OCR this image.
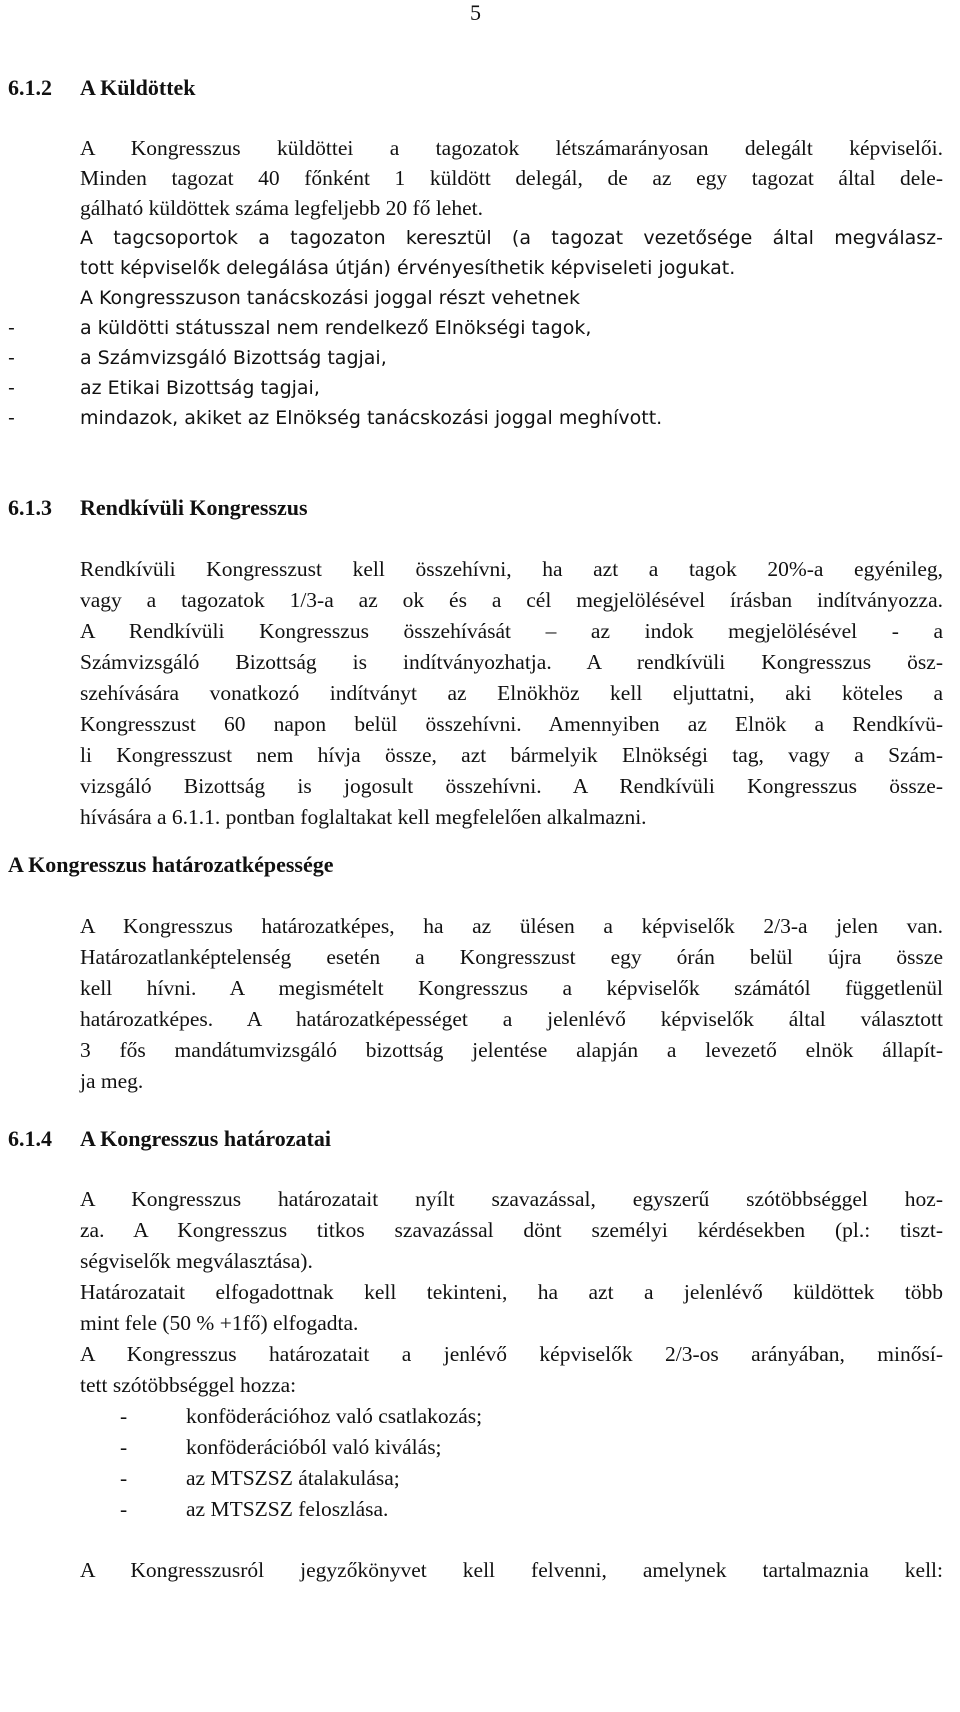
5
6.1.2 A Küldöttek
A Kongresszus küldöttei a tagozatok létszámarányosan delegált képviselői.
Minden tagozat 40 főnként 1 küldött delegál, de az egy tagozat által dele-
gálható küldöttek száma legfeljebb 20 fő lehet.
A tagcsoportok a tagozaton keresztül (a tagozat vezetősége által megválasz-
tott képviselők delegálása útján) érvényesíthetik képviseleti jogukat.
A Kongresszuson tanácskozási joggal részt vehetnek
-	a küldötti státusszal nem rendelkező Elnökségi tagok,
-	a Számvizsgáló Bizottság tagjai,
-	az Etikai Bizottság tagjai,
-	mindazok, akiket az Elnökség tanácskozási joggal meghívott.
6.1.3 Rendkívüli Kongresszus
Rendkívüli Kongresszust kell összehívni, ha azt a tagok 20%-a egyénileg,
vagy a tagozatok 1/3-a az ok és a cél megjelölésével írásban indítványozza.
A Rendkívüli Kongresszus összehívását – az indok megjelölésével - a
Számvizsgáló Bizottság is indítványozhatja. A rendkívüli Kongresszus ösz-
szehívására vonatkozó indítványt az Elnökhöz kell eljuttatni, aki köteles a
Kongresszust 60 napon belül összehívni. Amennyiben az Elnök a Rendkívü-
li Kongresszust nem hívja össze, azt bármelyik Elnökségi tag, vagy a Szám-
vizsgáló Bizottság is jogosult összehívni. A Rendkívüli Kongresszus össze-
hívására a 6.1.1. pontban foglaltakat kell megfelelően alkalmazni.
A Kongresszus határozatképessége
A Kongresszus határozatképes, ha az ülésen a képviselők 2/3-a jelen van.
Határozatlanképtelenség esetén a Kongresszust egy órán belül újra össze
kell hívni. A megismételt Kongresszus a képviselők számától függetlenül
határozatképes. A határozatképességet a jelenlévő képviselők által választott
3 fős mandátumvizsgáló bizottság jelentése alapján a levezető elnök állapít-
ja meg.
6.1.4 A Kongresszus határozatai
A Kongresszus határozatait nyílt szavazással, egyszerű szótöbbséggel hoz-
za. A Kongresszus titkos szavazással dönt személyi kérdésekben (pl.: tiszt-
ségviselők megválasztása).
Határozatait elfogadottnak kell tekinteni, ha azt a jelenlévő küldöttek több
mint fele (50 % +1fő) elfogadta.
A Kongresszus határozatait a jenlévő képviselők 2/3-os arányában, minősí-
tett szótöbbséggel hozza:
-	konföderációhoz való csatlakozás;
-	konföderációból való kiválás;
-	az MTSZSZ átalakulása;
-	az MTSZSZ feloszlása.
A Kongresszusról jegyzőkönyvet kell felvenni, amelynek tartalmaznia kell:
